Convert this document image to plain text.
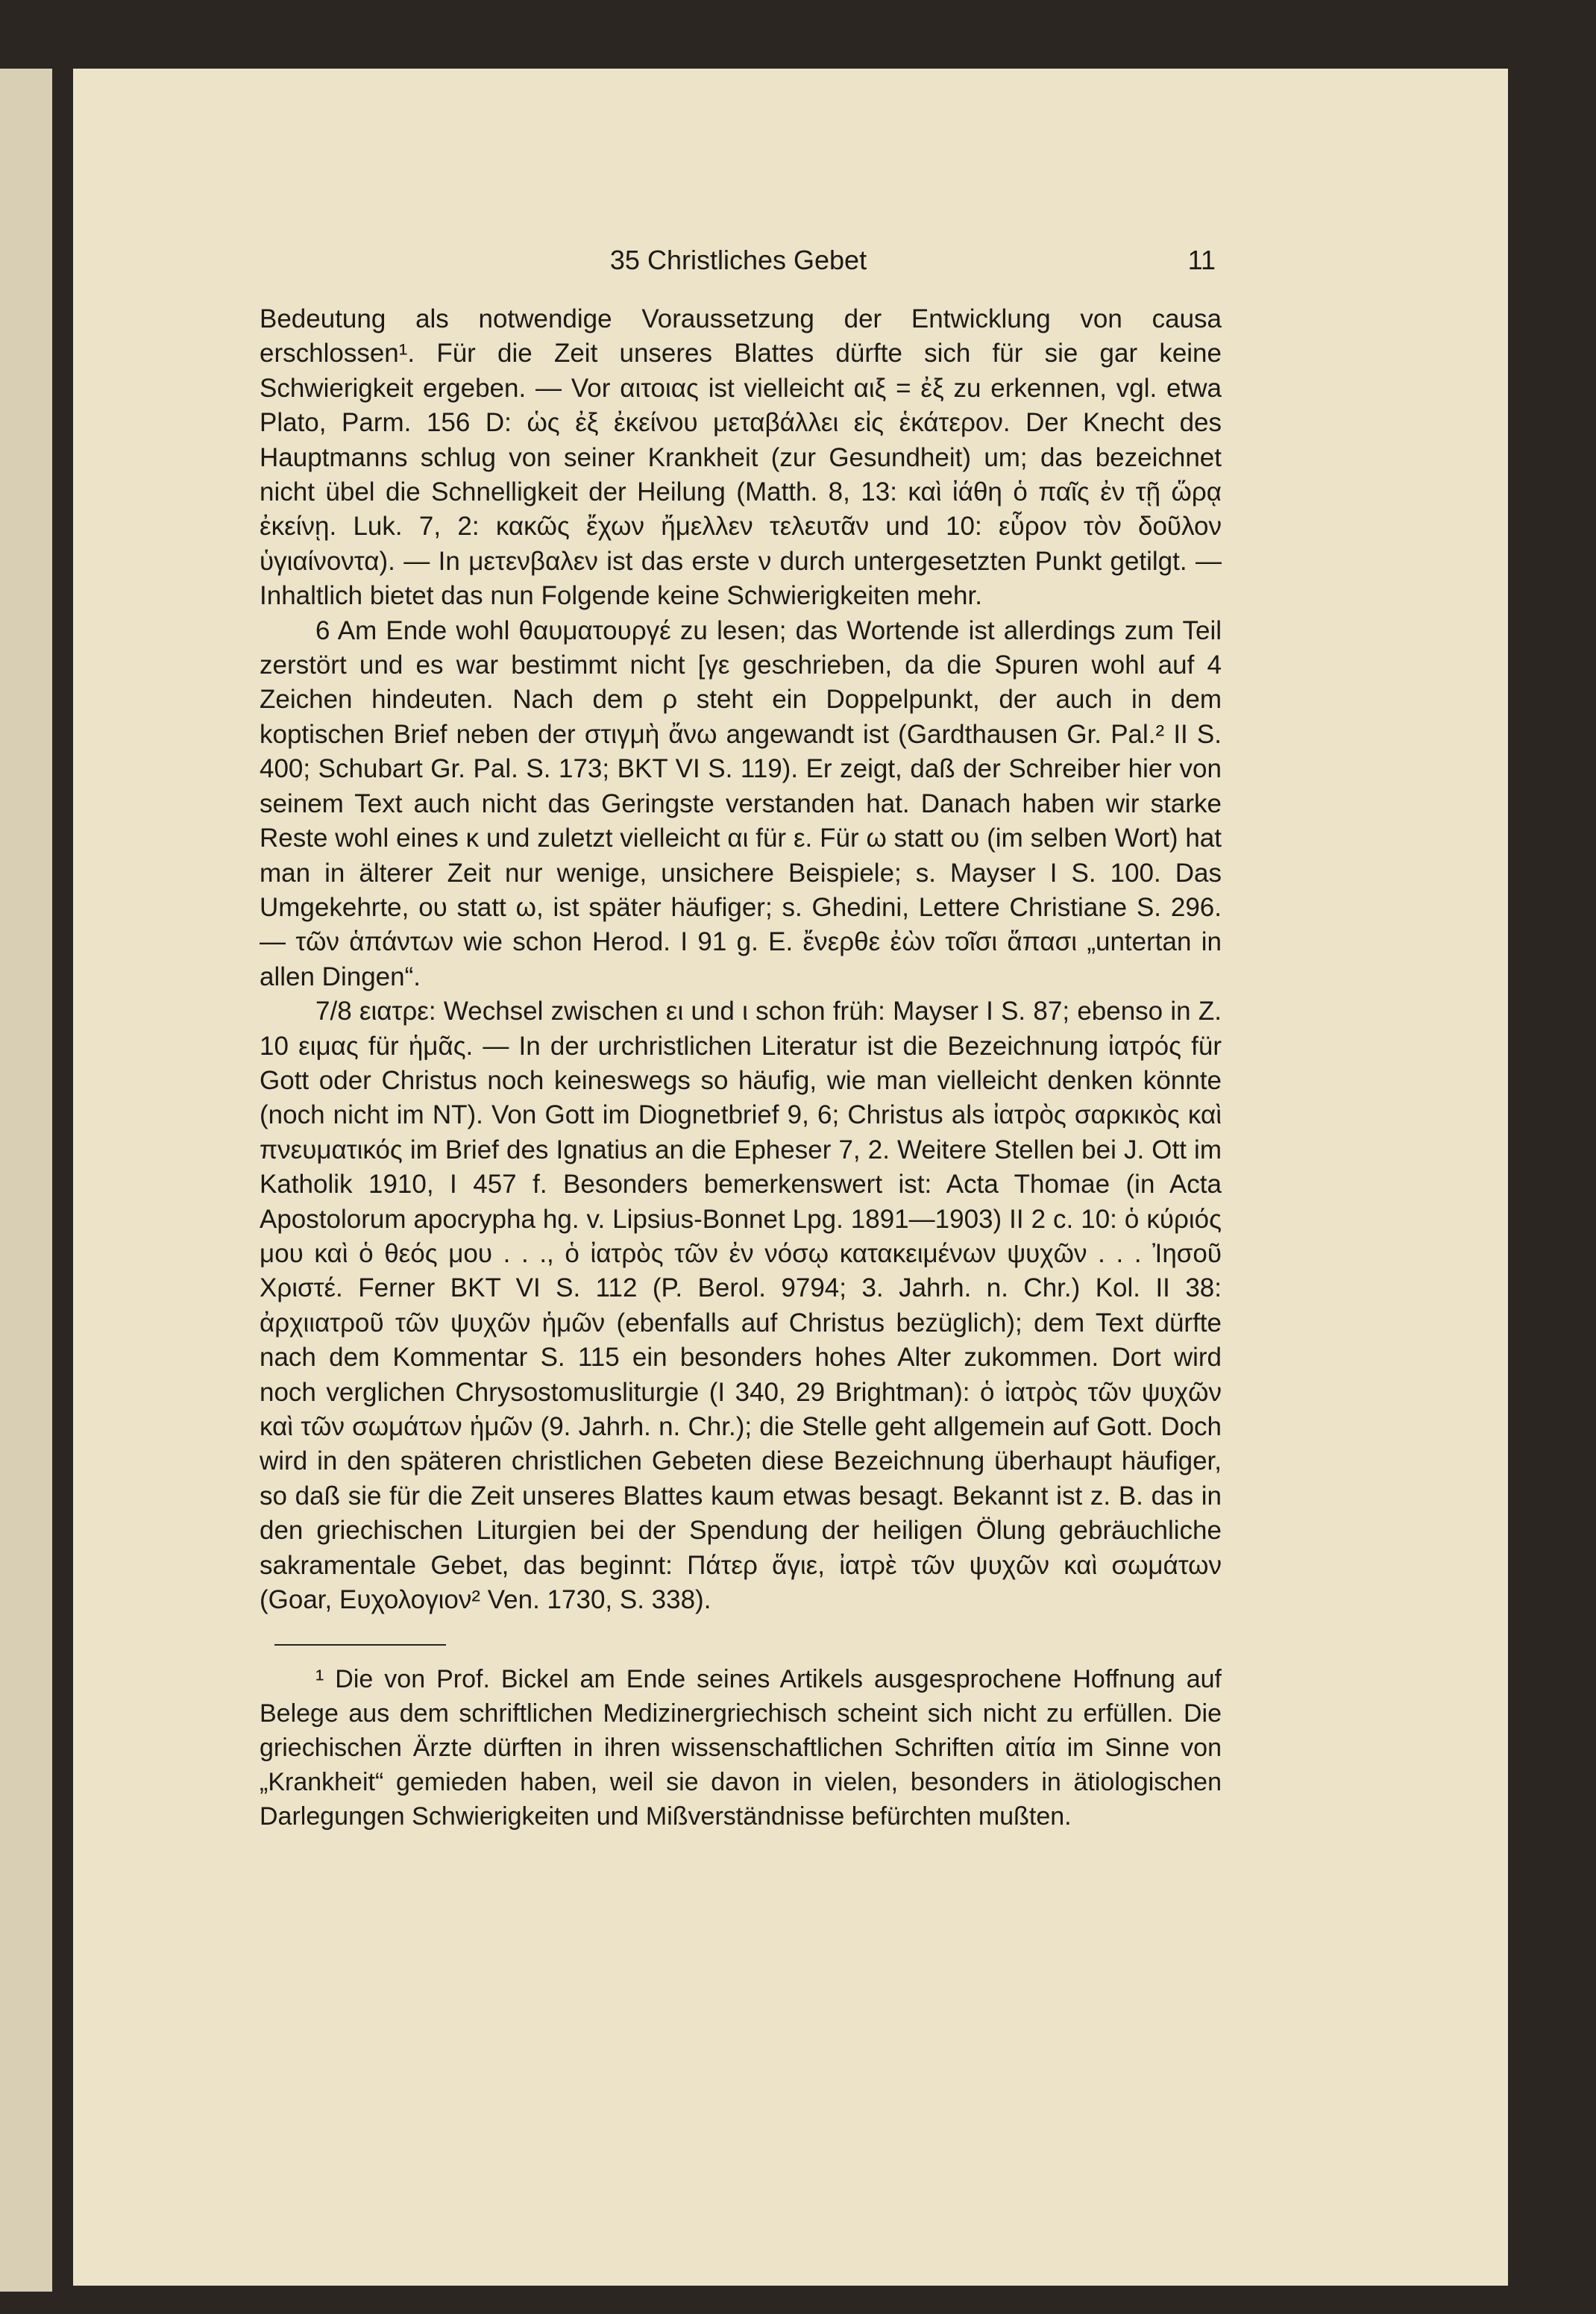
35 Christliches Gebet	11

Bedeutung als notwendige Voraussetzung der Entwicklung von causa erschlossen¹. Für die Zeit unseres Blattes dürfte sich für sie gar keine Schwierigkeit ergeben. — Vor αιτοιας ist vielleicht αιξ = ἐξ zu erkennen, vgl. etwa Plato, Parm. 156 D: ὡς ἐξ ἐκείνου μεταβάλλει εἰς ἑκάτερον. Der Knecht des Hauptmanns schlug von seiner Krankheit (zur Gesundheit) um; das bezeichnet nicht übel die Schnelligkeit der Heilung (Matth. 8, 13: καὶ ἰάθη ὁ παῖς ἐν τῇ ὥρᾳ ἐκείνῃ. Luk. 7, 2: κακῶς ἔχων ἤμελλεν τελευτᾶν und 10: εὗρον τὸν δοῦλον ὑγιαίνοντα). — In μετενβαλεν ist das erste ν durch untergesetzten Punkt getilgt. — Inhaltlich bietet das nun Folgende keine Schwierigkeiten mehr.

6 Am Ende wohl θαυματουργέ zu lesen; das Wortende ist allerdings zum Teil zerstört und es war bestimmt nicht [γε geschrieben, da die Spuren wohl auf 4 Zeichen hindeuten. Nach dem ρ steht ein Doppelpunkt, der auch in dem koptischen Brief neben der στιγμὴ ἄνω angewandt ist (Gardthausen Gr. Pal.² II S. 400; Schubart Gr. Pal. S. 173; BKT VI S. 119). Er zeigt, daß der Schreiber hier von seinem Text auch nicht das Geringste verstanden hat. Danach haben wir starke Reste wohl eines κ und zuletzt vielleicht αι für ε. Für ω statt ου (im selben Wort) hat man in älterer Zeit nur wenige, unsichere Beispiele; s. Mayser I S. 100. Das Umgekehrte, ου statt ω, ist später häufiger; s. Ghedini, Lettere Christiane S. 296. — τῶν ἁπάντων wie schon Herod. I 91 g. E. ἔνερθε ἐὼν τοῖσι ἅπασι „untertan in allen Dingen“.

7/8 ειατρε: Wechsel zwischen ει und ι schon früh: Mayser I S. 87; ebenso in Z. 10 ειμας für ἡμᾶς. — In der urchristlichen Literatur ist die Bezeichnung ἰατρός für Gott oder Christus noch keineswegs so häufig, wie man vielleicht denken könnte (noch nicht im NT). Von Gott im Diognetbrief 9, 6; Christus als ἰατρὸς σαρκικὸς καὶ πνευματικός im Brief des Ignatius an die Epheser 7, 2. Weitere Stellen bei J. Ott im Katholik 1910, I 457 f. Besonders bemerkenswert ist: Acta Thomae (in Acta Apostolorum apocrypha hg. v. Lipsius-Bonnet Lpg. 1891—1903) II 2 c. 10: ὁ κύριός μου καὶ ὁ θεός μου . . ., ὁ ἰατρὸς τῶν ἐν νόσῳ κατακειμένων ψυχῶν . . . Ἰησοῦ Χριστέ. Ferner BKT VI S. 112 (P. Berol. 9794; 3. Jahrh. n. Chr.) Kol. II 38: ἀρχιιατροῦ τῶν ψυχῶν ἡμῶν (ebenfalls auf Christus bezüglich); dem Text dürfte nach dem Kommentar S. 115 ein besonders hohes Alter zukommen. Dort wird noch verglichen Chrysostomusliturgie (I 340, 29 Brightman): ὁ ἰατρὸς τῶν ψυχῶν καὶ τῶν σωμάτων ἡμῶν (9. Jahrh. n. Chr.); die Stelle geht allgemein auf Gott. Doch wird in den späteren christlichen Gebeten diese Bezeichnung überhaupt häufiger, so daß sie für die Zeit unseres Blattes kaum etwas besagt. Bekannt ist z. B. das in den griechischen Liturgien bei der Spendung der heiligen Ölung gebräuchliche sakramentale Gebet, das beginnt: Πάτερ ἅγιε, ἰατρὲ τῶν ψυχῶν καὶ σωμάτων (Goar, Ευχολογιον² Ven. 1730, S. 338).

¹ Die von Prof. Bickel am Ende seines Artikels ausgesprochene Hoffnung auf Belege aus dem schriftlichen Medizinergriechisch scheint sich nicht zu erfüllen. Die griechischen Ärzte dürften in ihren wissenschaftlichen Schriften αἰτία im Sinne von „Krankheit“ gemieden haben, weil sie davon in vielen, besonders in ätiologischen Darlegungen Schwierigkeiten und Mißverständnisse befürchten mußten.
